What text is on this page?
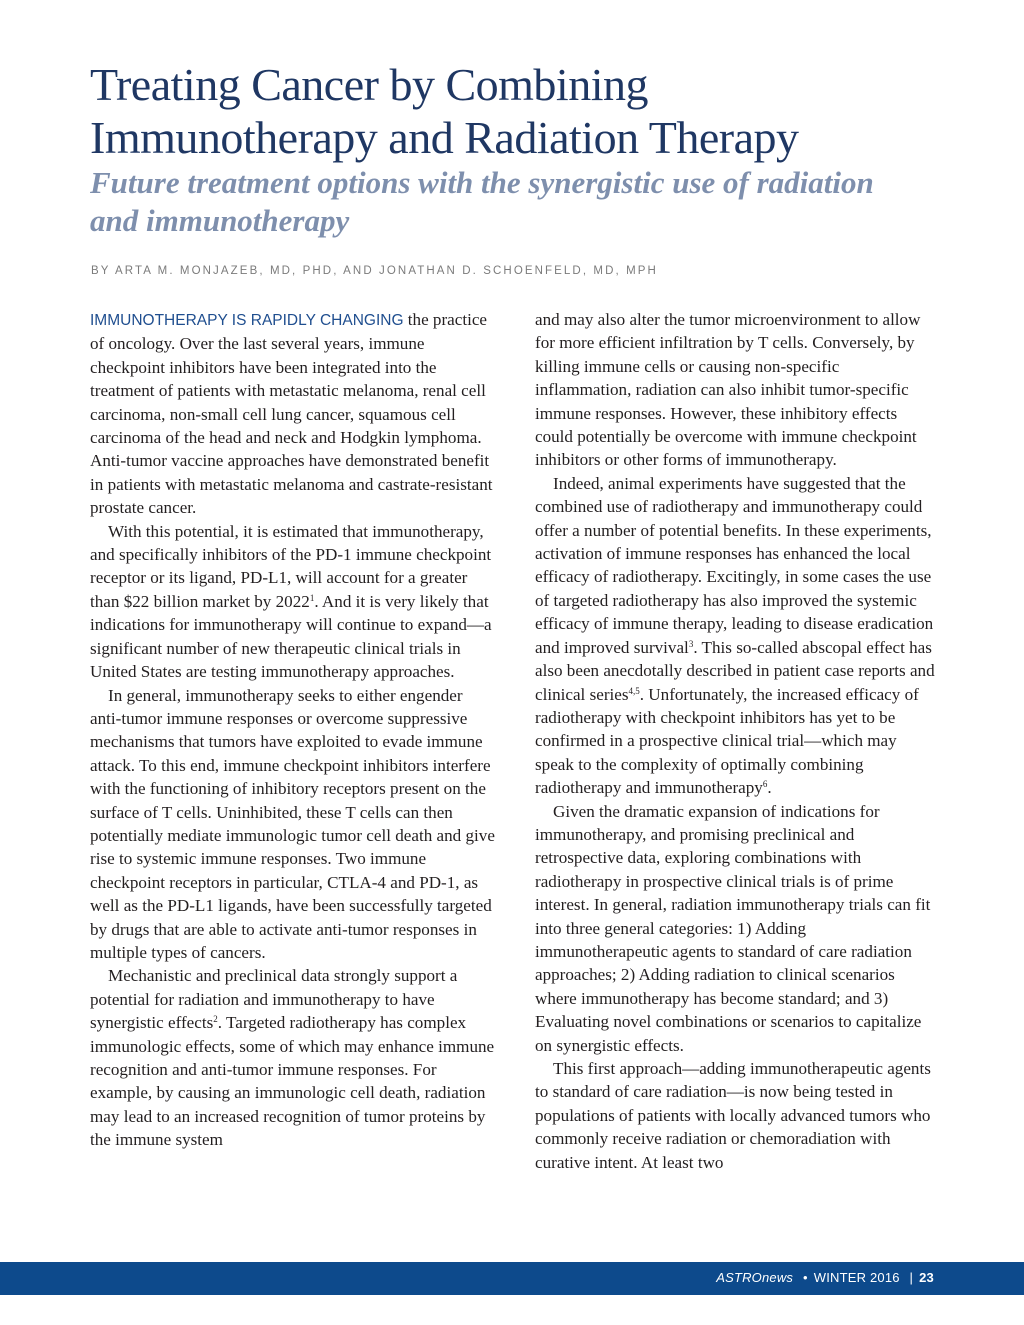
Treating Cancer by Combining
Immunotherapy and Radiation Therapy
Future treatment options with the synergistic use of radiation
and immunotherapy

BY ARTA M. MONJAZEB, MD, PHD, AND JONATHAN D. SCHOENFELD, MD, MPH

IMMUNOTHERAPY IS RAPIDLY CHANGING the practice of oncology. Over the last several years, immune checkpoint inhibitors have been integrated into the treatment of patients with metastatic melanoma, renal cell carcinoma, non-small cell lung cancer, squamous cell carcinoma of the head and neck and Hodgkin lymphoma. Anti-tumor vaccine approaches have demonstrated benefit in patients with metastatic melanoma and castrate-resistant prostate cancer.

With this potential, it is estimated that immunotherapy, and specifically inhibitors of the PD-1 immune checkpoint receptor or its ligand, PD-L1, will account for a greater than $22 billion market by 2022$^1$. And it is very likely that indications for immunotherapy will continue to expand—a significant number of new therapeutic clinical trials in United States are testing immunotherapy approaches.

In general, immunotherapy seeks to either engender anti-tumor immune responses or overcome suppressive mechanisms that tumors have exploited to evade immune attack. To this end, immune checkpoint inhibitors interfere with the functioning of inhibitory receptors present on the surface of T cells. Uninhibited, these T cells can then potentially mediate immunologic tumor cell death and give rise to systemic immune responses. Two immune checkpoint receptors in particular, CTLA-4 and PD-1, as well as the PD-L1 ligands, have been successfully targeted by drugs that are able to activate anti-tumor responses in multiple types of cancers.

Mechanistic and preclinical data strongly support a potential for radiation and immunotherapy to have synergistic effects$^2$. Targeted radiotherapy has complex immunologic effects, some of which may enhance immune recognition and anti-tumor immune responses. For example, by causing an immunologic cell death, radiation may lead to an increased recognition of tumor proteins by the immune system

and may also alter the tumor microenvironment to allow for more efficient infiltration by T cells. Conversely, by killing immune cells or causing non-specific inflammation, radiation can also inhibit tumor-specific immune responses. However, these inhibitory effects could potentially be overcome with immune checkpoint inhibitors or other forms of immunotherapy.

Indeed, animal experiments have suggested that the combined use of radiotherapy and immunotherapy could offer a number of potential benefits. In these experiments, activation of immune responses has enhanced the local efficacy of radiotherapy. Excitingly, in some cases the use of targeted radiotherapy has also improved the systemic efficacy of immune therapy, leading to disease eradication and improved survival$^3$. This so-called abscopal effect has also been anecdotally described in patient case reports and clinical series$^{4,5}$. Unfortunately, the increased efficacy of radiotherapy with checkpoint inhibitors has yet to be confirmed in a prospective clinical trial—which may speak to the complexity of optimally combining radiotherapy and immunotherapy$^6$.

Given the dramatic expansion of indications for immunotherapy, and promising preclinical and retrospective data, exploring combinations with radiotherapy in prospective clinical trials is of prime interest. In general, radiation immunotherapy trials can fit into three general categories: 1) Adding immunotherapeutic agents to standard of care radiation approaches; 2) Adding radiation to clinical scenarios where immunotherapy has become standard; and 3) Evaluating novel combinations or scenarios to capitalize on synergistic effects.

This first approach—adding immunotherapeutic agents to standard of care radiation—is now being tested in populations of patients with locally advanced tumors who commonly receive radiation or chemoradiation with curative intent. At least two

ASTROnews • WINTER 2016 | 23
